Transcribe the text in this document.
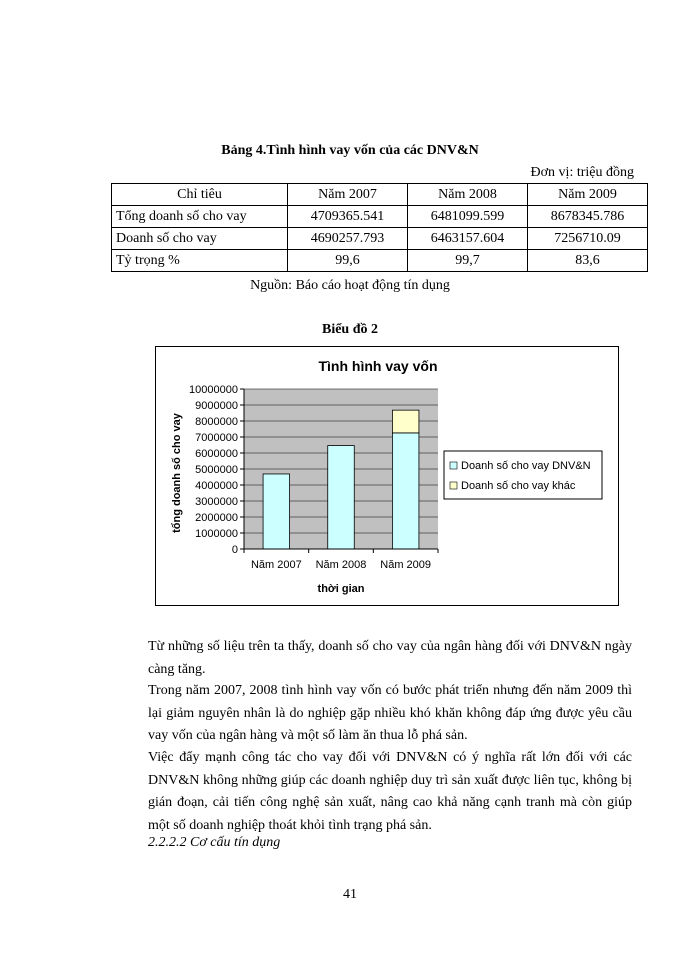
Bảng 4.Tình hình vay vốn của các DNV&N
Đơn vị: triệu đồng
Chỉ tiêu	Năm 2007	Năm 2008	Năm 2009
Tổng doanh số cho vay	4709365.541	6481099.599	8678345.786
Doanh số cho vay	4690257.793	6463157.604	7256710.09
Tỷ trọng %	99,6	99,7	83,6
Nguồn: Báo cáo hoạt động tín dụng
Biểu đồ 2
Tình hình vay vốn
0
1000000
2000000
3000000
4000000
5000000
6000000
7000000
8000000
9000000
10000000
Năm 2007 Năm 2008 Năm 2009
tổng doanh số cho vay
thời gian
Doanh số cho vay DNV&N
Doanh số cho vay khác
Từ những số liệu trên ta thấy, doanh số cho vay của ngân hàng đối với DNV&N ngày càng tăng.
Trong năm 2007, 2008 tình hình vay vốn có bước phát triển nhưng đến năm 2009 thì lại giảm nguyên nhân là do nghiệp gặp nhiều khó khăn không đáp ứng được yêu cầu vay vốn của ngân hàng và một số làm ăn thua lỗ phá sản.
Việc đẩy mạnh công tác cho vay đối với DNV&N có ý nghĩa rất lớn đối với các DNV&N không những giúp các doanh nghiệp duy trì sản xuất được liên tục, không bị gián đoạn, cải tiến công nghệ sản xuất, nâng cao khả năng cạnh tranh mà còn giúp một số doanh nghiệp thoát khỏi tình trạng phá sản.
2.2.2.2 Cơ cấu tín dụng
41
